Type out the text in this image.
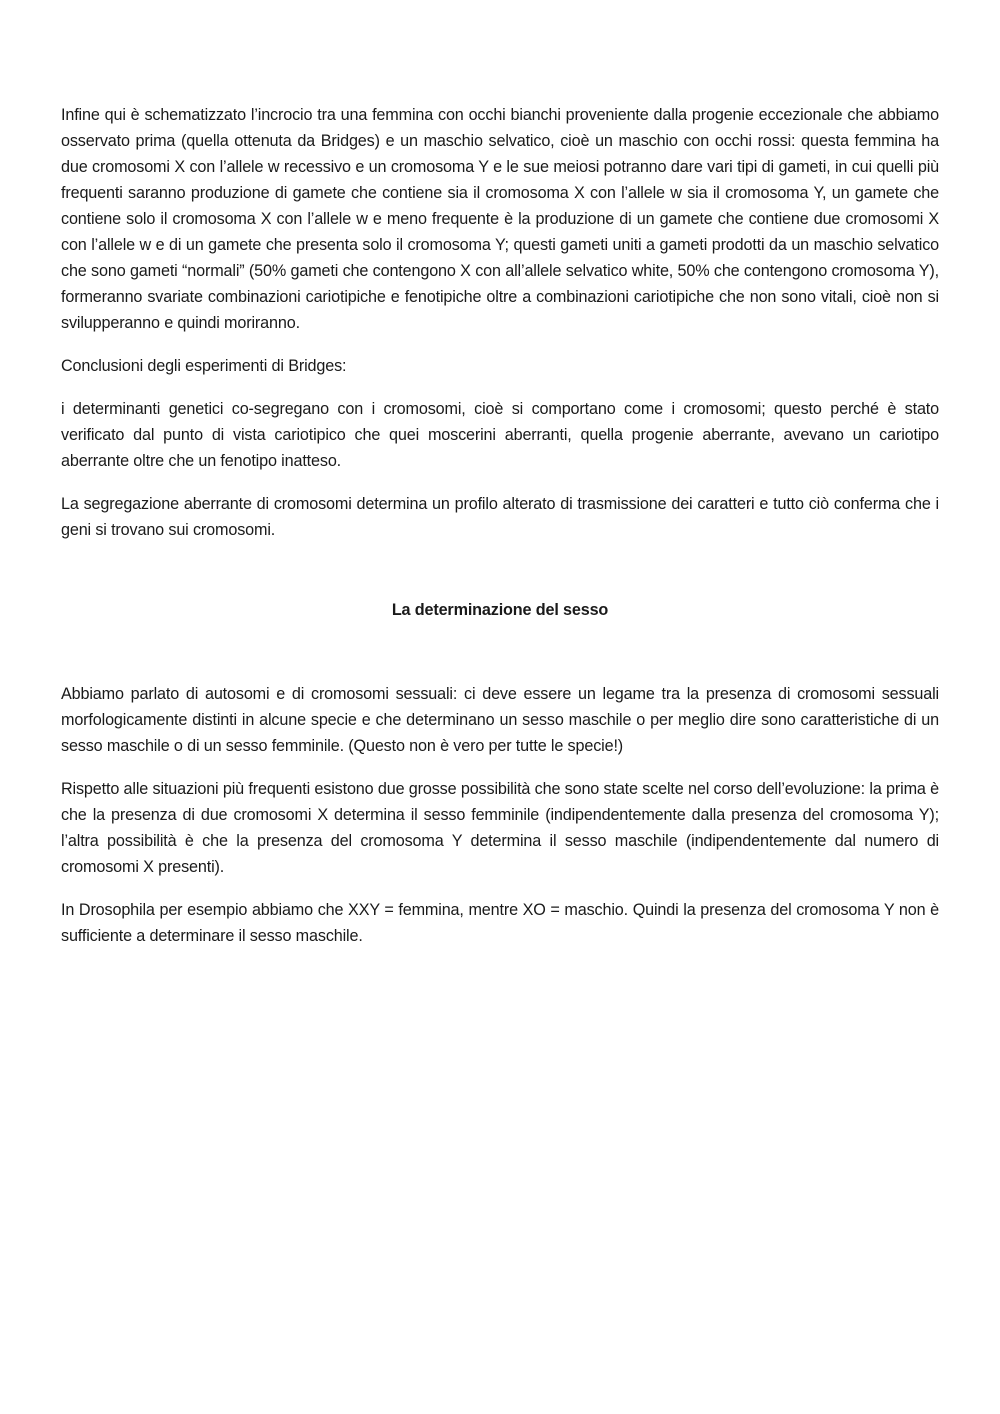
Infine qui è schematizzato l’incrocio tra una femmina con occhi bianchi proveniente dalla progenie eccezionale che abbiamo osservato prima (quella ottenuta da Bridges) e un maschio selvatico, cioè un maschio con occhi rossi: questa femmina ha due cromosomi X con l’allele w recessivo e un cromosoma Y e le sue meiosi potranno dare vari tipi di gameti, in cui quelli più frequenti saranno produzione di gamete che contiene sia il cromosoma X con l’allele w sia il cromosoma Y, un gamete che contiene solo il cromosoma X con l’allele w e meno frequente è la produzione di un gamete che contiene due cromosomi X con l’allele w e di un gamete che presenta solo il cromosoma Y; questi gameti uniti a gameti prodotti da un maschio selvatico che sono gameti “normali” (50% gameti che contengono X con all’allele selvatico white, 50% che contengono cromosoma Y), formeranno svariate combinazioni cariotipiche e fenotipiche oltre a combinazioni cariotipiche che non sono vitali, cioè non si svilupperanno e quindi moriranno.

Conclusioni degli esperimenti di Bridges:

i determinanti genetici co-segregano con i cromosomi, cioè si comportano come i cromosomi; questo perché è stato verificato dal punto di vista cariotipico che quei moscerini aberranti, quella progenie aberrante, avevano un cariotipo aberrante oltre che un fenotipo inatteso.

La segregazione aberrante di cromosomi determina un profilo alterato di trasmissione dei caratteri e tutto ciò conferma che i geni si trovano sui cromosomi.

La determinazione del sesso

Abbiamo parlato di autosomi e di cromosomi sessuali: ci deve essere un legame tra la presenza di cromosomi sessuali morfologicamente distinti in alcune specie e che determinano un sesso maschile o per meglio dire sono caratteristiche di un sesso maschile o di un sesso femminile. (Questo non è vero per tutte le specie!)

Rispetto alle situazioni più frequenti esistono due grosse possibilità che sono state scelte nel corso dell’evoluzione: la prima è che la presenza di due cromosomi X determina il sesso femminile (indipendentemente dalla presenza del cromosoma Y); l’altra possibilità è che la presenza del cromosoma Y determina il sesso maschile (indipendentemente dal numero di cromosomi X presenti).

In Drosophila per esempio abbiamo che XXY = femmina, mentre XO = maschio. Quindi la presenza del cromosoma Y non è sufficiente a determinare il sesso maschile.
